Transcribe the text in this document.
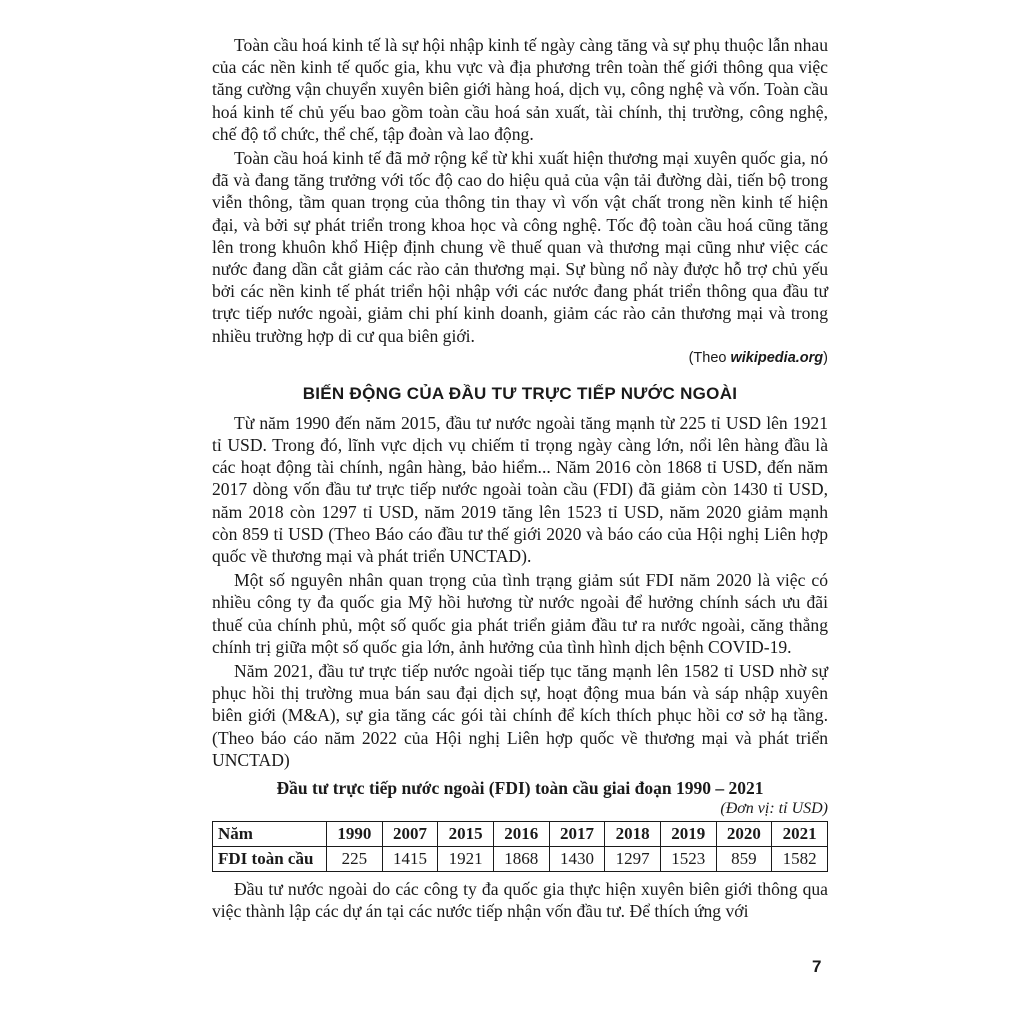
Toàn cầu hoá kinh tế là sự hội nhập kinh tế ngày càng tăng và sự phụ thuộc lẫn nhau của các nền kinh tế quốc gia, khu vực và địa phương trên toàn thế giới thông qua việc tăng cường vận chuyển xuyên biên giới hàng hoá, dịch vụ, công nghệ và vốn. Toàn cầu hoá kinh tế chủ yếu bao gồm toàn cầu hoá sản xuất, tài chính, thị trường, công nghệ, chế độ tổ chức, thể chế, tập đoàn và lao động.

Toàn cầu hoá kinh tế đã mở rộng kể từ khi xuất hiện thương mại xuyên quốc gia, nó đã và đang tăng trưởng với tốc độ cao do hiệu quả của vận tải đường dài, tiến bộ trong viễn thông, tầm quan trọng của thông tin thay vì vốn vật chất trong nền kinh tế hiện đại, và bởi sự phát triển trong khoa học và công nghệ. Tốc độ toàn cầu hoá cũng tăng lên trong khuôn khổ Hiệp định chung về thuế quan và thương mại cũng như việc các nước đang dần cắt giảm các rào cản thương mại. Sự bùng nổ này được hỗ trợ chủ yếu bởi các nền kinh tế phát triển hội nhập với các nước đang phát triển thông qua đầu tư trực tiếp nước ngoài, giảm chi phí kinh doanh, giảm các rào cản thương mại và trong nhiều trường hợp di cư qua biên giới.

(Theo wikipedia.org)

BIẾN ĐỘNG CỦA ĐẦU TƯ TRỰC TIẾP NƯỚC NGOÀI

Từ năm 1990 đến năm 2015, đầu tư nước ngoài tăng mạnh từ 225 tỉ USD lên 1921 tỉ USD. Trong đó, lĩnh vực dịch vụ chiếm tỉ trọng ngày càng lớn, nổi lên hàng đầu là các hoạt động tài chính, ngân hàng, bảo hiểm... Năm 2016 còn 1868 tỉ USD, đến năm 2017 dòng vốn đầu tư trực tiếp nước ngoài toàn cầu (FDI) đã giảm còn 1430 tỉ USD, năm 2018 còn 1297 tỉ USD, năm 2019 tăng lên 1523 tỉ USD, năm 2020 giảm mạnh còn 859 tỉ USD (Theo Báo cáo đầu tư thế giới 2020 và báo cáo của Hội nghị Liên hợp quốc về thương mại và phát triển UNCTAD).

Một số nguyên nhân quan trọng của tình trạng giảm sút FDI năm 2020 là việc có nhiều công ty đa quốc gia Mỹ hồi hương từ nước ngoài để hưởng chính sách ưu đãi thuế của chính phủ, một số quốc gia phát triển giảm đầu tư ra nước ngoài, căng thẳng chính trị giữa một số quốc gia lớn, ảnh hưởng của tình hình dịch bệnh COVID-19.

Năm 2021, đầu tư trực tiếp nước ngoài tiếp tục tăng mạnh lên 1582 tỉ USD nhờ sự phục hồi thị trường mua bán sau đại dịch sự, hoạt động mua bán và sáp nhập xuyên biên giới (M&A), sự gia tăng các gói tài chính để kích thích phục hồi cơ sở hạ tầng. (Theo báo cáo năm 2022 của Hội nghị Liên hợp quốc về thương mại và phát triển UNCTAD)

Đầu tư trực tiếp nước ngoài (FDI) toàn cầu giai đoạn 1990 – 2021

(Đơn vị: tỉ USD)

Năm	1990	2007	2015	2016	2017	2018	2019	2020	2021
FDI toàn cầu	225	1415	1921	1868	1430	1297	1523	859	1582

Đầu tư nước ngoài do các công ty đa quốc gia thực hiện xuyên biên giới thông qua việc thành lập các dự án tại các nước tiếp nhận vốn đầu tư. Để thích ứng với

7
